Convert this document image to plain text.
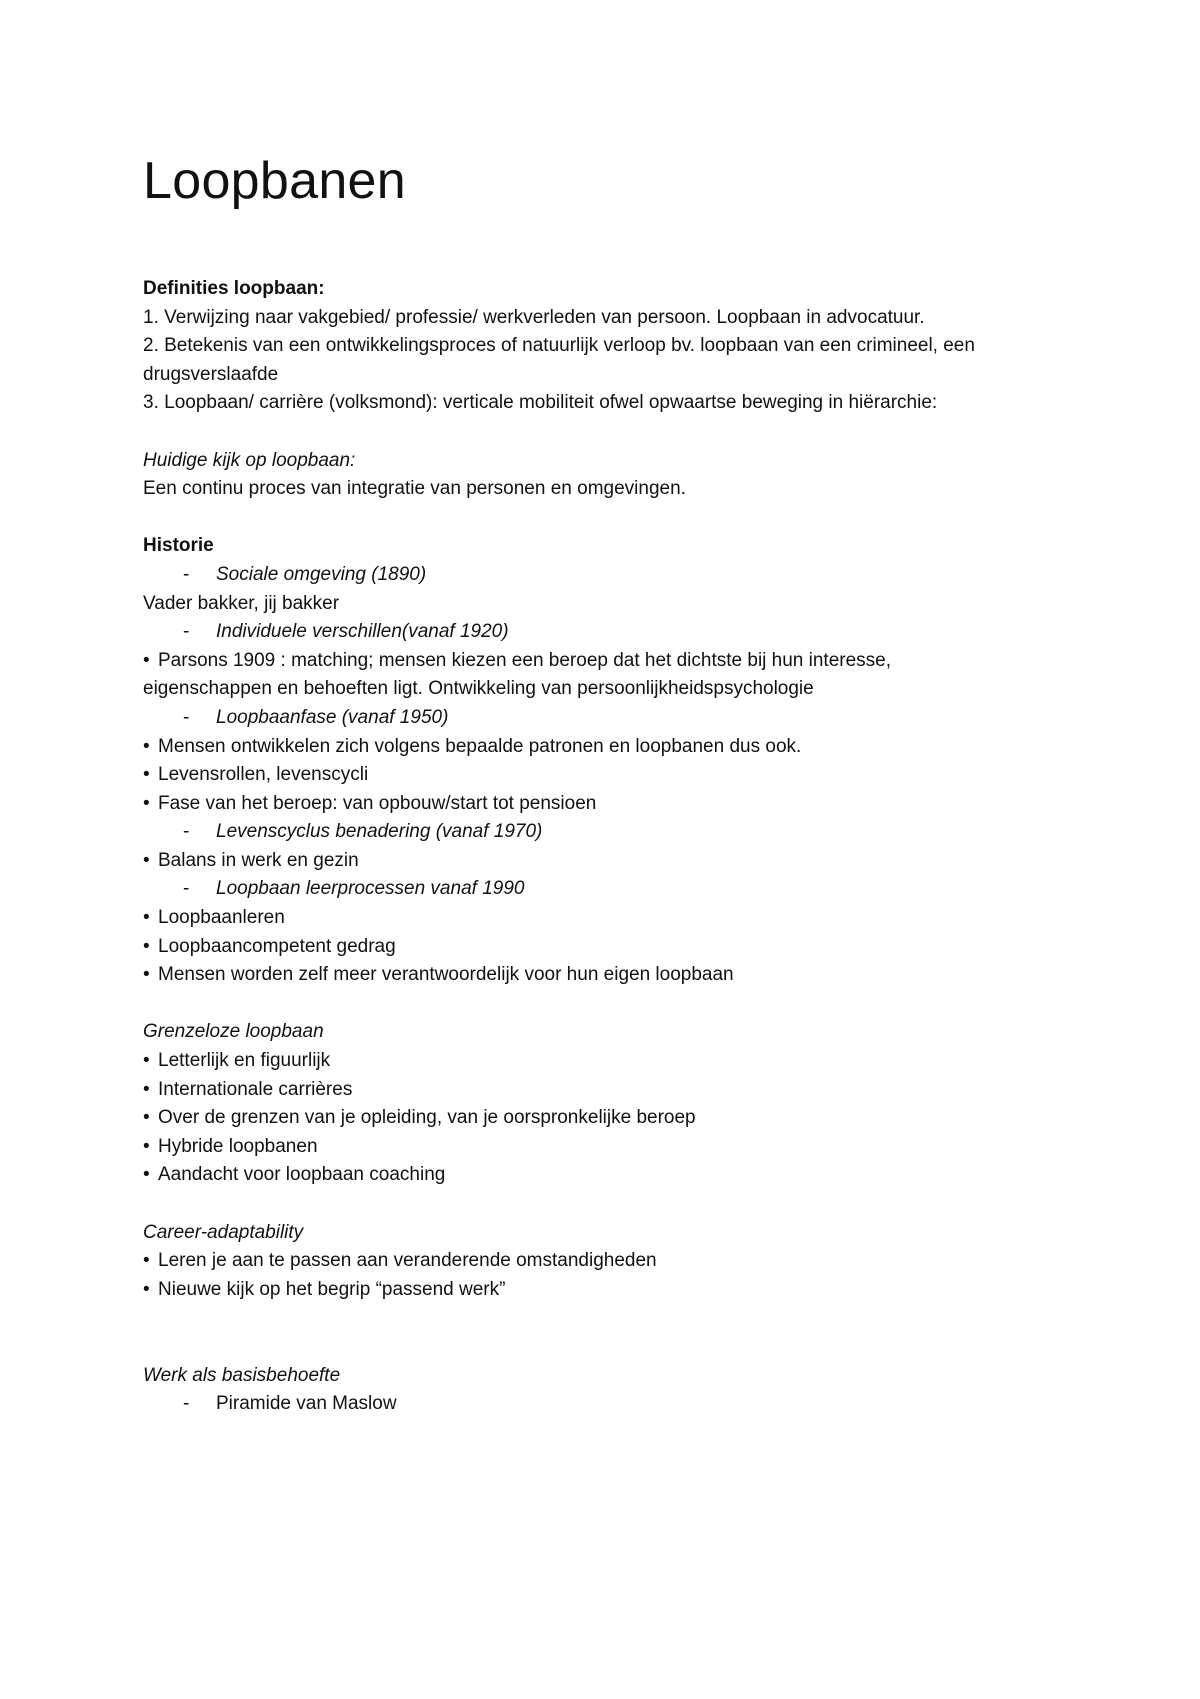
Loopbanen

Definities loopbaan:

1. Verwijzing naar vakgebied/ professie/ werkverleden van persoon. Loopbaan in advocatuur.

2. Betekenis van een ontwikkelingsproces of natuurlijk verloop bv. loopbaan van een crimineel, een

drugsverslaafde

3. Loopbaan/ carrière (volksmond): verticale mobiliteit ofwel opwaartse beweging in hiërarchie:

Huidige kijk op loopbaan:

Een continu proces van integratie van personen en omgevingen.

Historie

- Sociale omgeving (1890)

Vader bakker, jij bakker

- Individuele verschillen(vanaf 1920)

• Parsons 1909 : matching; mensen kiezen een beroep dat het dichtste bij hun interesse,

eigenschappen en behoeften ligt. Ontwikkeling van persoonlijkheidspsychologie

- Loopbaanfase (vanaf 1950)

• Mensen ontwikkelen zich volgens bepaalde patronen en loopbanen dus ook.

• Levensrollen, levenscycli

• Fase van het beroep: van opbouw/start tot pensioen

- Levenscyclus benadering (vanaf 1970)

• Balans in werk en gezin

- Loopbaan leerprocessen vanaf 1990

• Loopbaanleren

• Loopbaancompetent gedrag

• Mensen worden zelf meer verantwoordelijk voor hun eigen loopbaan

Grenzeloze loopbaan

• Letterlijk en figuurlijk

• Internationale carrières

• Over de grenzen van je opleiding, van je oorspronkelijke beroep

• Hybride loopbanen

• Aandacht voor loopbaan coaching

Career-adaptability

• Leren je aan te passen aan veranderende omstandigheden

• Nieuwe kijk op het begrip “passend werk”

Werk als basisbehoefte

- Piramide van Maslow
